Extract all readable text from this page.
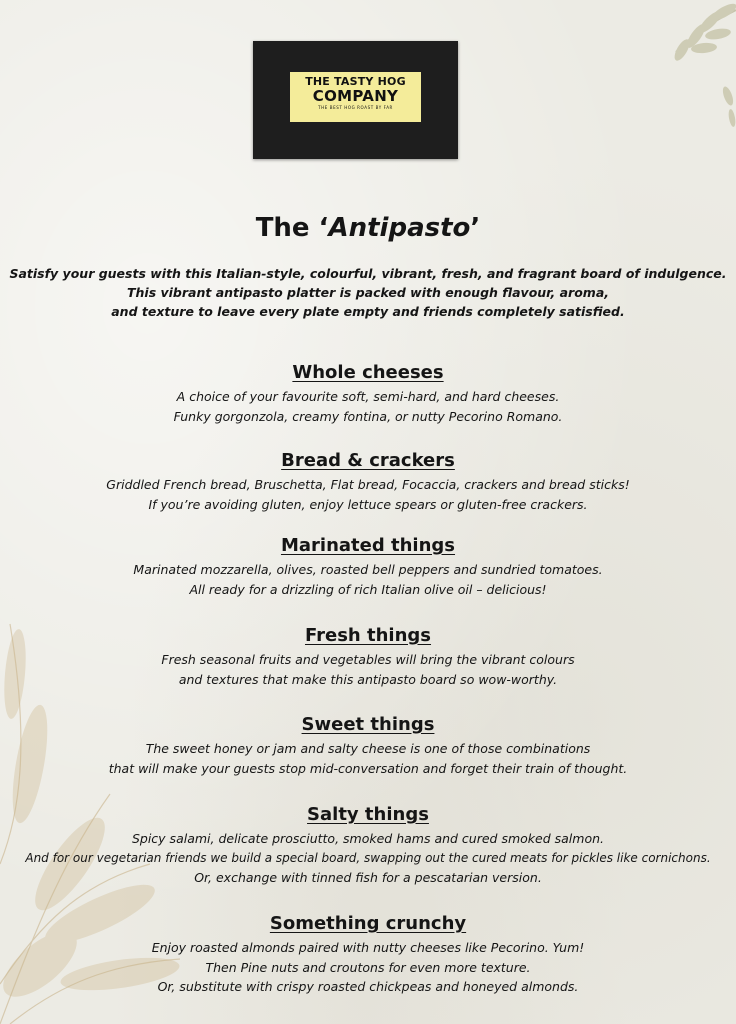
THE TASTY HOG
COMPANY
THE BEST HOG ROAST BY FAR
The ‘Antipasto’
Satisfy your guests with this Italian-style, colourful, vibrant, fresh, and fragrant board of indulgence.
This vibrant antipasto platter is packed with enough flavour, aroma,
and texture to leave every plate empty and friends completely satisfied.
Whole cheeses
A choice of your favourite soft, semi-hard, and hard cheeses.
Funky gorgonzola, creamy fontina, or nutty Pecorino Romano.
Bread & crackers
Griddled French bread, Bruschetta, Flat bread, Focaccia, crackers and bread sticks!
If you’re avoiding gluten, enjoy lettuce spears or gluten-free crackers.
Marinated things
Marinated mozzarella, olives, roasted bell peppers and sundried tomatoes.
All ready for a drizzling of rich Italian olive oil – delicious!
Fresh things
Fresh seasonal fruits and vegetables will bring the vibrant colours
and textures that make this antipasto board so wow-worthy.
Sweet things
The sweet honey or jam and salty cheese is one of those combinations
that will make your guests stop mid-conversation and forget their train of thought.
Salty things
Spicy salami, delicate prosciutto, smoked hams and cured smoked salmon.
And for our vegetarian friends we build a special board, swapping out the cured meats for pickles like cornichons.
Or, exchange with tinned fish for a pescatarian version.
Something crunchy
Enjoy roasted almonds paired with nutty cheeses like Pecorino. Yum!
Then Pine nuts and croutons for even more texture.
Or, substitute with crispy roasted chickpeas and honeyed almonds.
